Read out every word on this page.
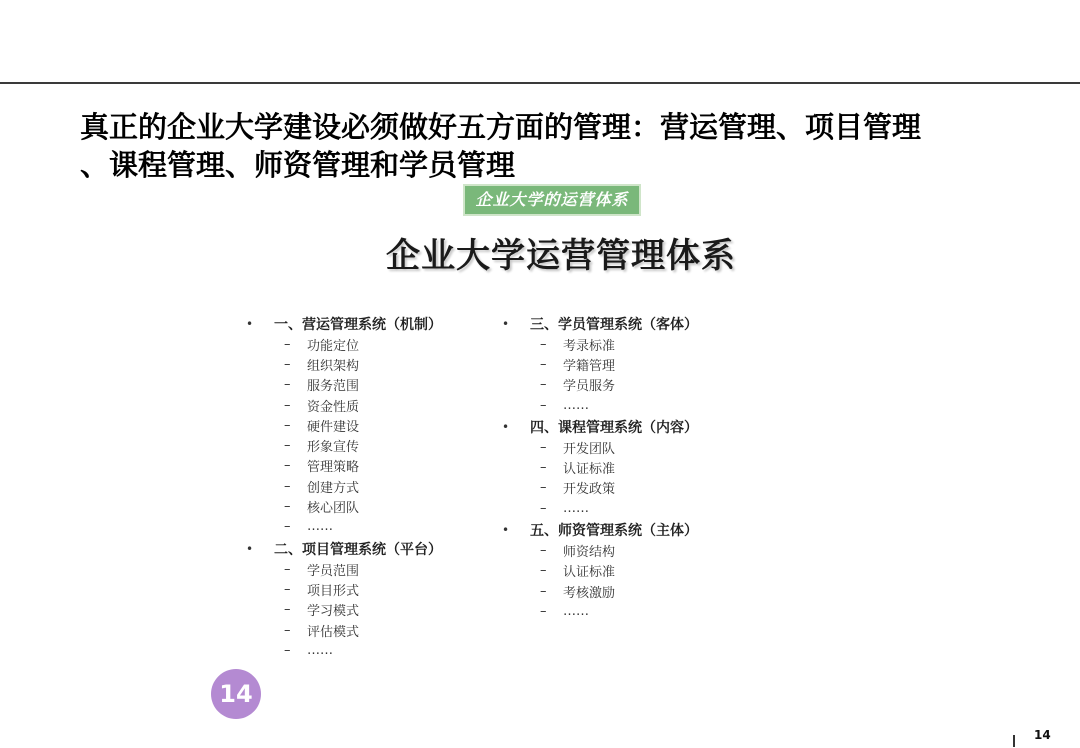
真正的企业大学建设必须做好五方面的管理：营运管理、项目管理
、课程管理、师资管理和学员管理
企业大学的运营体系
企业大学运营管理体系
•	一、营运管理系统（机制）
–	功能定位
–	组织架构
–	服务范围
–	资金性质
–	硬件建设
–	形象宣传
–	管理策略
–	创建方式
–	核心团队
–	……
•	二、项目管理系统（平台）
–	学员范围
–	项目形式
–	学习模式
–	评估模式
–	……
•	三、学员管理系统（客体）
–	考录标准
–	学籍管理
–	学员服务
–	……
•	四、课程管理系统（内容）
–	开发团队
–	认证标准
–	开发政策
–	……
•	五、师资管理系统（主体）
–	师资结构
–	认证标准
–	考核激励
–	……
14
14
